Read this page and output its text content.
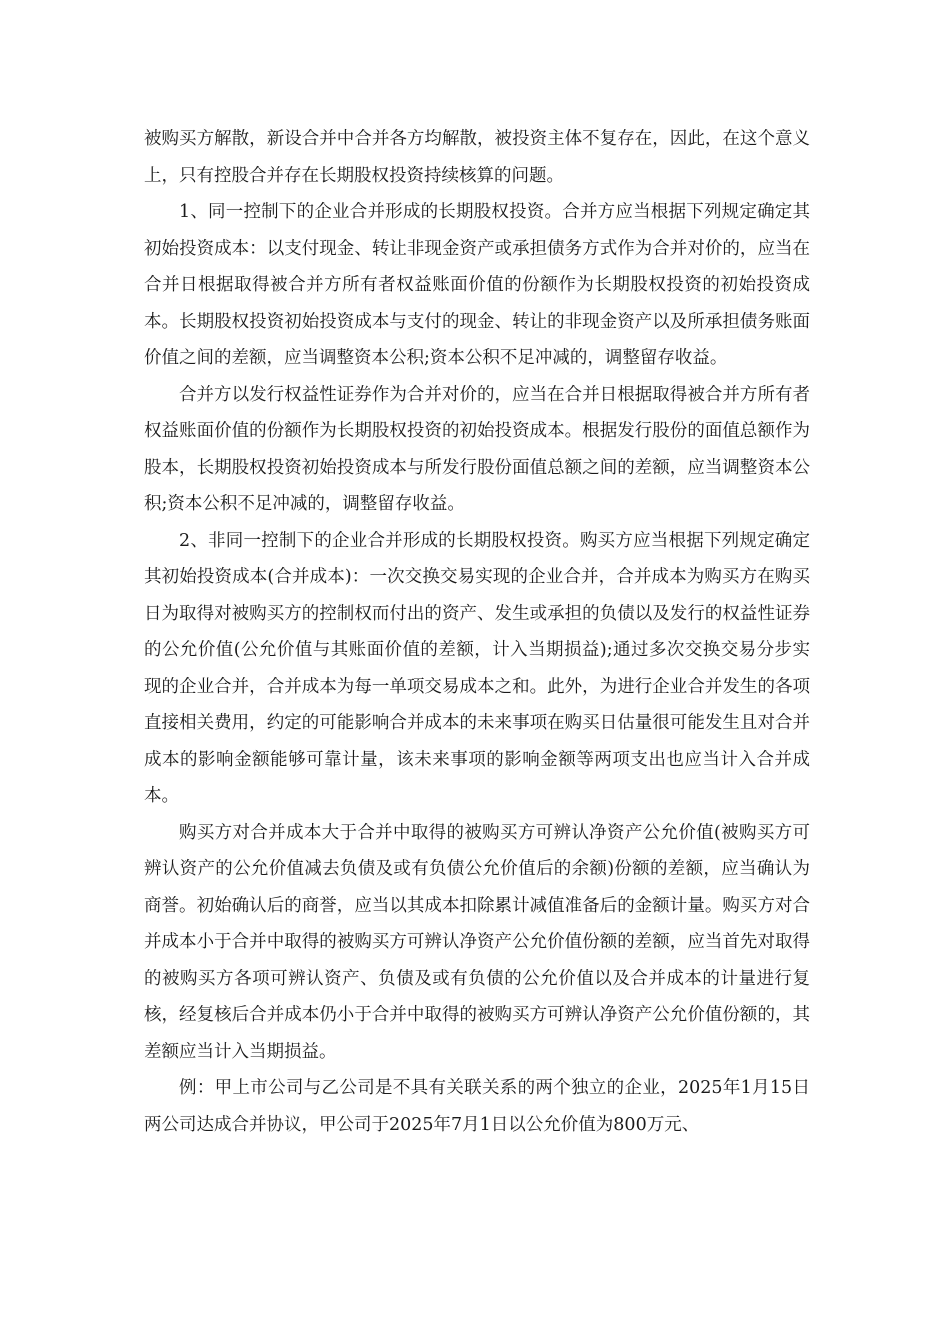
被购买方解散，新设合并中合并各方均解散，被投资主体不复存在，因此，在这个意义上，只有控股合并存在长期股权投资持续核算的问题。

1、同一控制下的企业合并形成的长期股权投资。合并方应当根据下列规定确定其初始投资成本：以支付现金、转让非现金资产或承担债务方式作为合并对价的，应当在合并日根据取得被合并方所有者权益账面价值的份额作为长期股权投资的初始投资成本。长期股权投资初始投资成本与支付的现金、转让的非现金资产以及所承担债务账面价值之间的差额，应当调整资本公积;资本公积不足冲减的，调整留存收益。

合并方以发行权益性证券作为合并对价的，应当在合并日根据取得被合并方所有者权益账面价值的份额作为长期股权投资的初始投资成本。根据发行股份的面值总额作为股本，长期股权投资初始投资成本与所发行股份面值总额之间的差额，应当调整资本公积;资本公积不足冲减的，调整留存收益。

2、非同一控制下的企业合并形成的长期股权投资。购买方应当根据下列规定确定其初始投资成本(合并成本)：一次交换交易实现的企业合并，合并成本为购买方在购买日为取得对被购买方的控制权而付出的资产、发生或承担的负债以及发行的权益性证券的公允价值(公允价值与其账面价值的差额，计入当期损益);通过多次交换交易分步实现的企业合并，合并成本为每一单项交易成本之和。此外，为进行企业合并发生的各项直接相关费用，约定的可能影响合并成本的未来事项在购买日估量很可能发生且对合并成本的影响金额能够可靠计量，该未来事项的影响金额等两项支出也应当计入合并成本。

购买方对合并成本大于合并中取得的被购买方可辨认净资产公允价值(被购买方可辨认资产的公允价值减去负债及或有负债公允价值后的余额)份额的差额，应当确认为商誉。初始确认后的商誉，应当以其成本扣除累计减值准备后的金额计量。购买方对合并成本小于合并中取得的被购买方可辨认净资产公允价值份额的差额，应当首先对取得的被购买方各项可辨认资产、负债及或有负债的公允价值以及合并成本的计量进行复核，经复核后合并成本仍小于合并中取得的被购买方可辨认净资产公允价值份额的，其差额应当计入当期损益。

例：甲上市公司与乙公司是不具有关联关系的两个独立的企业，2025年1月15日两公司达成合并协议，甲公司于2025年7月1日以公允价值为800万元、
